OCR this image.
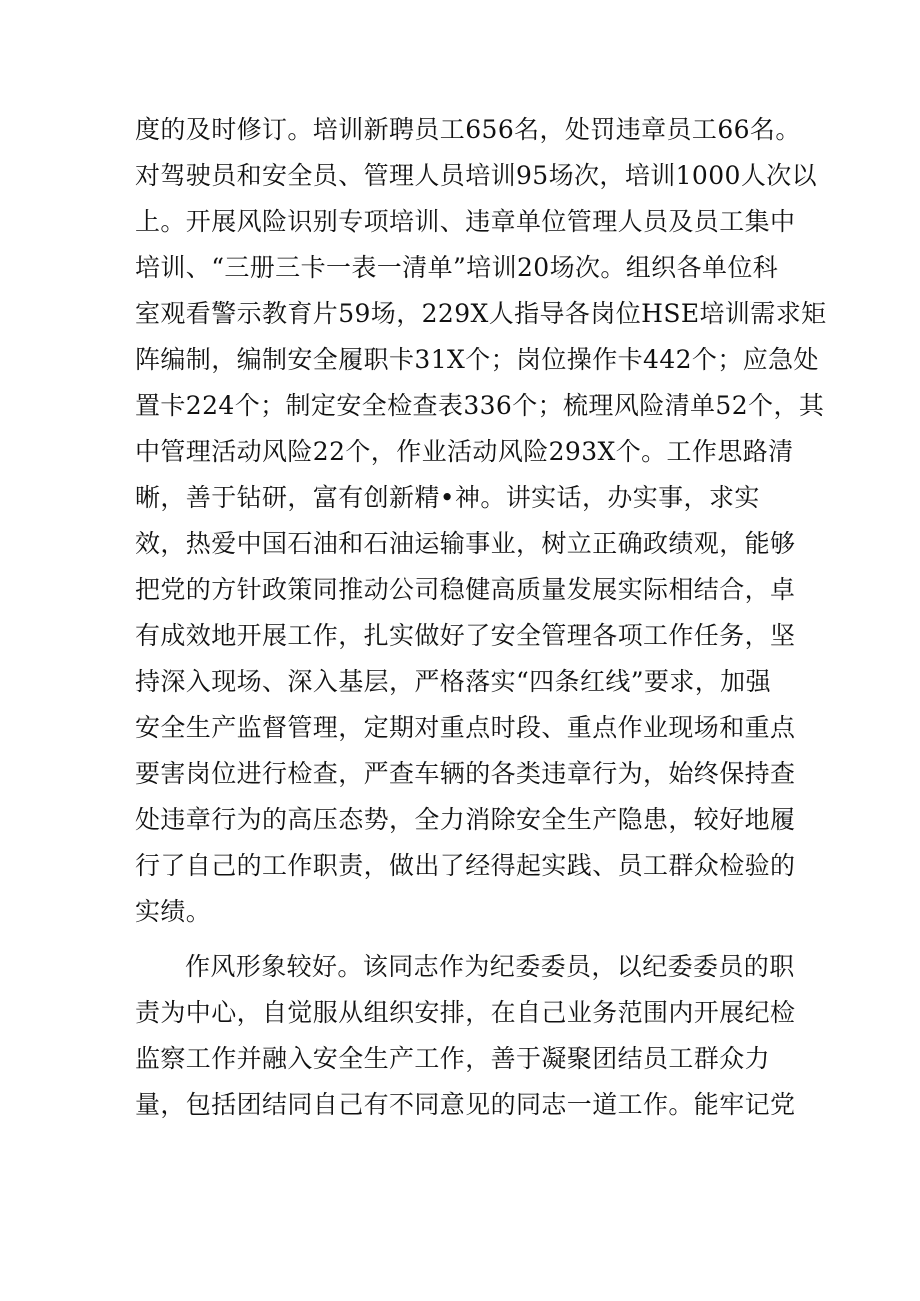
度的及时修订。培训新聘员工656名，处罚违章员工66名。
对驾驶员和安全员、管理人员培训95场次，培训1000人次以
上。开展风险识别专项培训、违章单位管理人员及员工集中
培训、“三册三卡一表一清单”培训20场次。组织各单位科
室观看警示教育片59场，229X人指导各岗位HSE培训需求矩
阵编制，编制安全履职卡31X个；岗位操作卡442个；应急处
置卡224个；制定安全检查表336个；梳理风险清单52个，其
中管理活动风险22个，作业活动风险293X个。工作思路清
晰，善于钻研，富有创新精•神。讲实话，办实事，求实
效，热爱中国石油和石油运输事业，树立正确政绩观，能够
把党的方针政策同推动公司稳健高质量发展实际相结合，卓
有成效地开展工作，扎实做好了安全管理各项工作任务，坚
持深入现场、深入基层，严格落实“四条红线”要求，加强
安全生产监督管理，定期对重点时段、重点作业现场和重点
要害岗位进行检查，严查车辆的各类违章行为，始终保持查
处违章行为的高压态势，全力消除安全生产隐患，较好地履
行了自己的工作职责，做出了经得起实践、员工群众检验的
实绩。
作风形象较好。该同志作为纪委委员，以纪委委员的职
责为中心，自觉服从组织安排，在自己业务范围内开展纪检
监察工作并融入安全生产工作，善于凝聚团结员工群众力
量，包括团结同自己有不同意见的同志一道工作。能牢记党
